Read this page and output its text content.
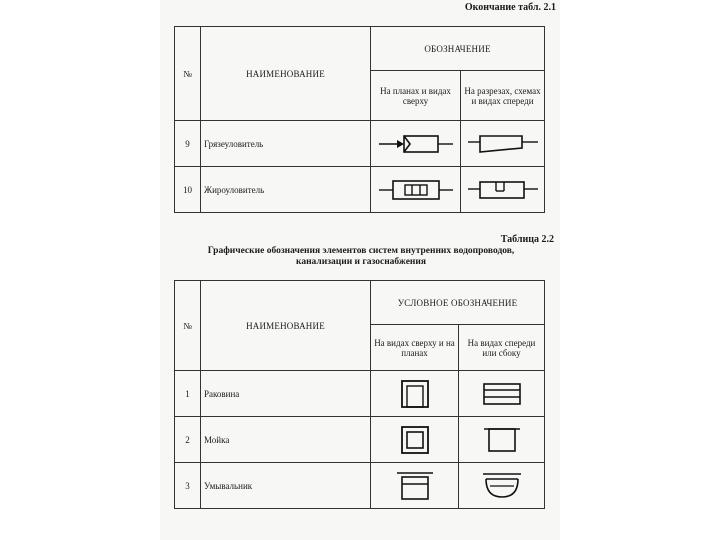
Окончание табл. 2.1
№	НАИМЕНОВАНИЕ	ОБОЗНАЧЕНИЕ	
		На планах и видах сверху	На разрезах, схемах и видах спереди
9	Грязеуловитель	

10	Жироуловитель	

Таблица 2.2
Графические обозначения элементов систем внутренних водопроводов, канализации и газоснабжения
№	НАИМЕНОВАНИЕ	УСЛОВНОЕ ОБОЗНАЧЕНИЕ	
		На видах сверху и на планах	На видах спереди или сбоку
1	Раковина	

2	Мойка	

3	Умывальник	
